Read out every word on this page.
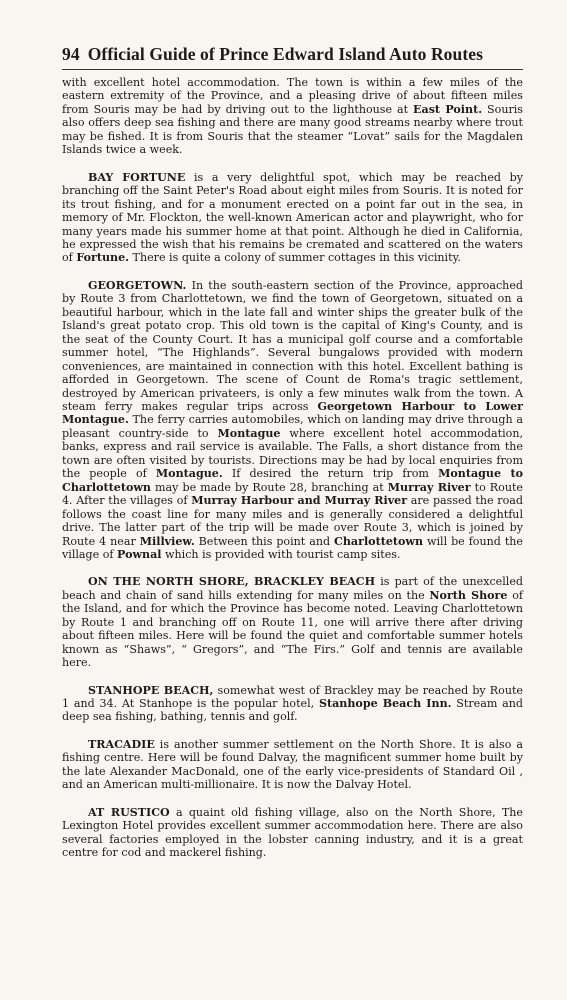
94 Official Guide of Prince Edward Island Auto Routes

with excellent hotel accommodation. The town is within a few miles of the eastern extremity of the Province, and a pleasing drive of about fifteen miles from Souris may be had by driving out to the lighthouse at East Point. Souris also offers deep sea fishing and there are many good streams nearby where trout may be fished. It is from Souris that the steamer “Lovat” sails for the Magdalen Islands twice a week.

BAY FORTUNE is a very delightful spot, which may be reached by branching off the Saint Peter's Road about eight miles from Souris. It is noted for its trout fishing, and for a monument erected on a point far out in the sea, in memory of Mr. Flockton, the well-known American actor and playwright, who for many years made his summer home at that point. Although he died in California, he expressed the wish that his remains be cremated and scattered on the waters of Fortune. There is quite a colony of summer cottages in this vicinity.

GEORGETOWN. In the south-eastern section of the Province, approached by Route 3 from Charlottetown, we find the town of Georgetown, situated on a beautiful harbour, which in the late fall and winter ships the greater bulk of the Island's great potato crop. This old town is the capital of King's County, and is the seat of the County Court. It has a municipal golf course and a comfortable summer hotel, “The Highlands”. Several bungalows provided with modern conveniences, are maintained in connection with this hotel. Excellent bathing is afforded in Georgetown. The scene of Count de Roma's tragic settlement, destroyed by American privateers, is only a few minutes walk from the town. A steam ferry makes regular trips across Georgetown Harbour to Lower Montague. The ferry carries automobiles, which on landing may drive through a pleasant country-side to Montague where excellent hotel accommodation, banks, express and rail service is available. The Falls, a short distance from the town are often visited by tourists. Directions may be had by local enquiries from the people of Montague. If desired the return trip from Montague to Charlottetown may be made by Route 28, branching at Murray River to Route 4. After the villages of Murray Harbour and Murray River are passed the road follows the coast line for many miles and is generally considered a delightful drive. The latter part of the trip will be made over Route 3, which is joined by Route 4 near Millview. Between this point and Charlottetown will be found the village of Pownal which is provided with tourist camp sites.

ON THE NORTH SHORE, BRACKLEY BEACH is part of the unexcelled beach and chain of sand hills extending for many miles on the North Shore of the Island, and for which the Province has become noted. Leaving Charlottetown by Route 1 and branching off on Route 11, one will arrive there after driving about fifteen miles. Here will be found the quiet and comfortable summer hotels known as “Shaws”, “ Gregors”, and “The Firs.” Golf and tennis are available here.

STANHOPE BEACH, somewhat west of Brackley may be reached by Route 1 and 34. At Stanhope is the popular hotel, Stanhope Beach Inn. Stream and deep sea fishing, bathing, tennis and golf.

TRACADIE is another summer settlement on the North Shore. It is also a fishing centre. Here will be found Dalvay, the magnificent summer home built by the late Alexander MacDonald, one of the early vice-presidents of Standard Oil , and an American multi-millionaire. It is now the Dalvay Hotel.

AT RUSTICO a quaint old fishing village, also on the North Shore, The Lexington Hotel provides excellent summer accommodation here. There are also several factories employed in the lobster canning industry, and it is a great centre for cod and mackerel fishing.
